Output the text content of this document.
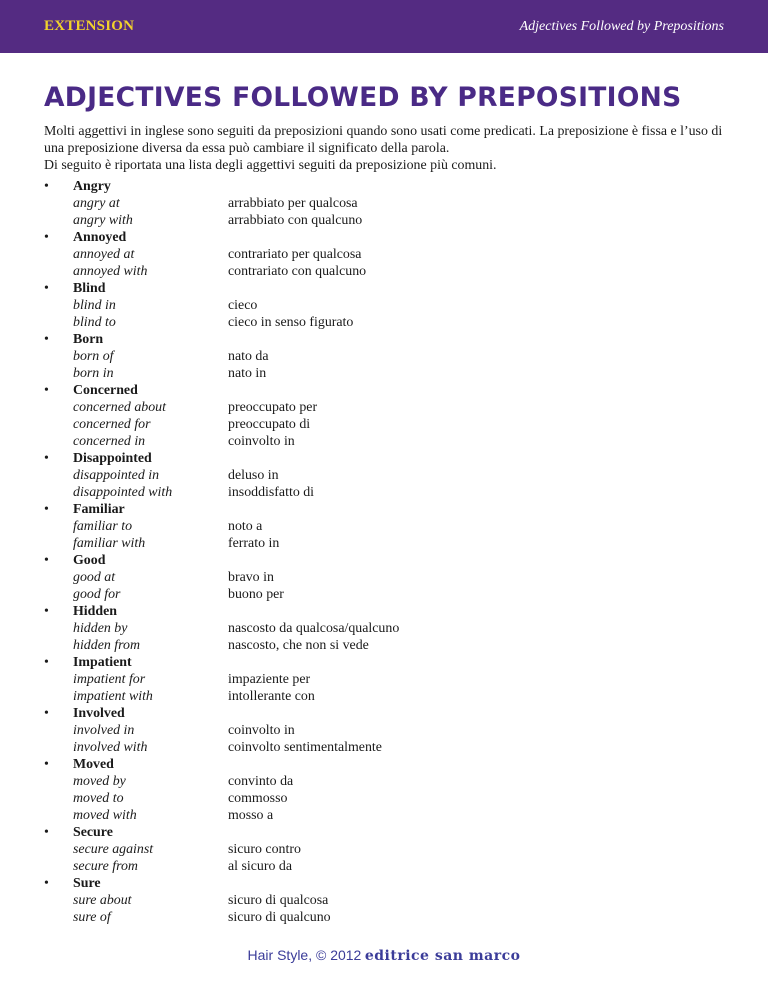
EXTENSION	Adjectives Followed by Prepositions
ADJECTIVES FOLLOWED BY PREPOSITIONS

Molti aggettivi in inglese sono seguiti da preposizioni quando sono usati come predicati. La preposizione è fissa e l’uso di una preposizione diversa da essa può cambiare il significato della parola.

Di seguito è riportata una lista degli aggettivi seguiti da preposizione più comuni.

•	Angry
angry at	arrabbiato per qualcosa
angry with	arrabbiato con qualcuno
•	Annoyed
annoyed at	contrariato per qualcosa
annoyed with	contrariato con qualcuno
•	Blind
blind in	cieco
blind to	cieco in senso figurato
•	Born
born of	nato da
born in	nato in
•	Concerned
concerned about	preoccupato per
concerned for	preoccupato di
concerned in	coinvolto in
•	Disappointed
disappointed in	deluso in
disappointed with	insoddisfatto di
•	Familiar
familiar to	noto a
familiar with	ferrato in
•	Good
good at	bravo in
good for	buono per
•	Hidden
hidden by	nascosto da qualcosa/qualcuno
hidden from	nascosto, che non si vede
•	Impatient
impatient for	impaziente per
impatient with	intollerante con
•	Involved
involved in	coinvolto in
involved with	coinvolto sentimentalmente
•	Moved
moved by	convinto da
moved to	commosso
moved with	mosso a
•	Secure
secure against	sicuro contro
secure from	al sicuro da
•	Sure
sure about	sicuro di qualcosa
sure of	sicuro di qualcuno
Hair Style, © 2012 editrice san marco
